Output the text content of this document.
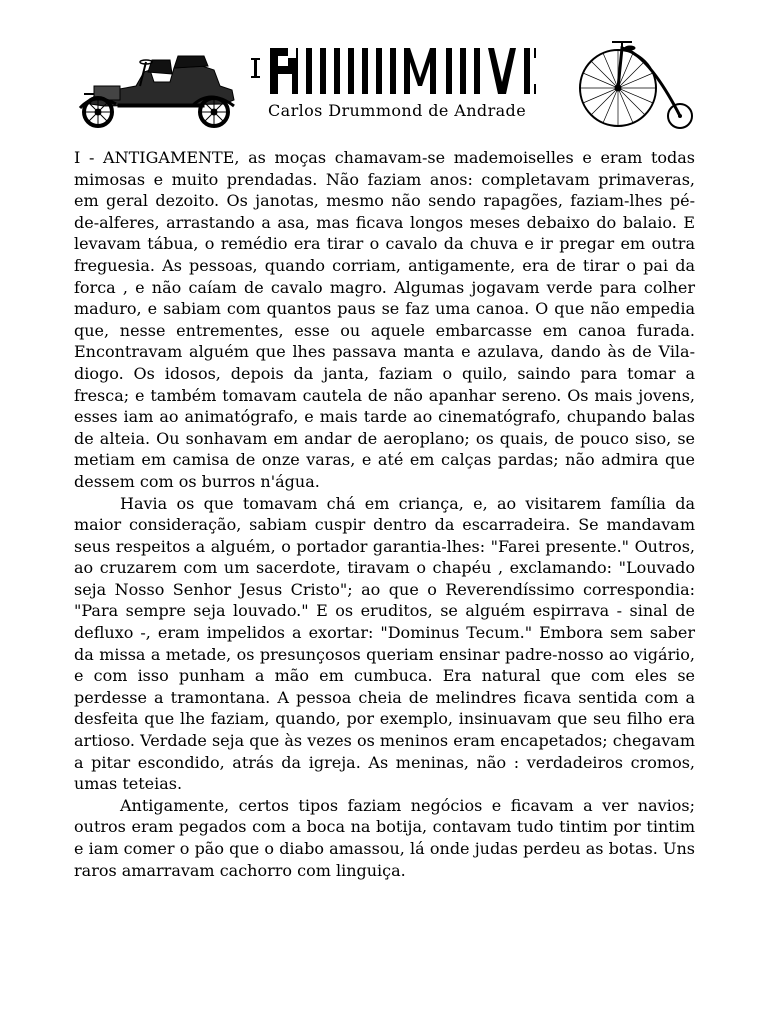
Carlos Drummond de Andrade

I - ANTIGAMENTE, as moças chamavam-se mademoiselles e eram todas mimosas e muito prendadas. Não faziam anos: completavam primaveras, em geral dezoito. Os janotas, mesmo não sendo rapagões, faziam-lhes pé-de-alferes, arrastando a asa, mas ficava longos meses debaixo do balaio. E levavam tábua, o remédio era tirar o cavalo da chuva e ir pregar em outra freguesia. As pessoas, quando corriam, antigamente, era de tirar o pai da forca , e não caíam de cavalo magro. Algumas jogavam verde para colher maduro, e sabiam com quantos paus se faz uma canoa. O que não empedia que, nesse entrementes, esse ou aquele embarcasse em canoa furada. Encontravam alguém que lhes passava manta e azulava, dando às de Vila-diogo. Os idosos, depois da janta, faziam o quilo, saindo para tomar a fresca; e também tomavam cautela de não apanhar sereno. Os mais jovens, esses iam ao animatógrafo, e mais tarde ao cinematógrafo, chupando balas de alteia. Ou sonhavam em andar de aeroplano; os quais, de pouco siso, se metiam em camisa de onze varas, e até em calças pardas; não admira que dessem com os burros n'água.

Havia os que tomavam chá em criança, e, ao visitarem família da maior consideração, sabiam cuspir dentro da escarradeira. Se mandavam seus respeitos a alguém, o portador garantia-lhes: "Farei presente." Outros, ao cruzarem com um sacerdote, tiravam o chapéu , exclamando: "Louvado seja Nosso Senhor Jesus Cristo"; ao que o Reverendíssimo correspondia: "Para sempre seja louvado." E os eruditos, se alguém espirrava - sinal de defluxo -, eram impelidos a exortar: "Dominus Tecum." Embora sem saber da missa a metade, os presunçosos queriam ensinar padre-nosso ao vigário, e com isso punham a mão em cumbuca. Era natural que com eles se perdesse a tramontana. A pessoa cheia de melindres ficava sentida com a desfeita que lhe faziam, quando, por exemplo, insinuavam que seu filho era artioso. Verdade seja que às vezes os meninos eram encapetados; chegavam a pitar escondido, atrás da igreja. As meninas, não : verdadeiros cromos, umas teteias.

Antigamente, certos tipos faziam negócios e ficavam a ver navios; outros eram pegados com a boca na botija, contavam tudo tintim por tintim e iam comer o pão que o diabo amassou, lá onde judas perdeu as botas. Uns raros amarravam cachorro com linguiça.
